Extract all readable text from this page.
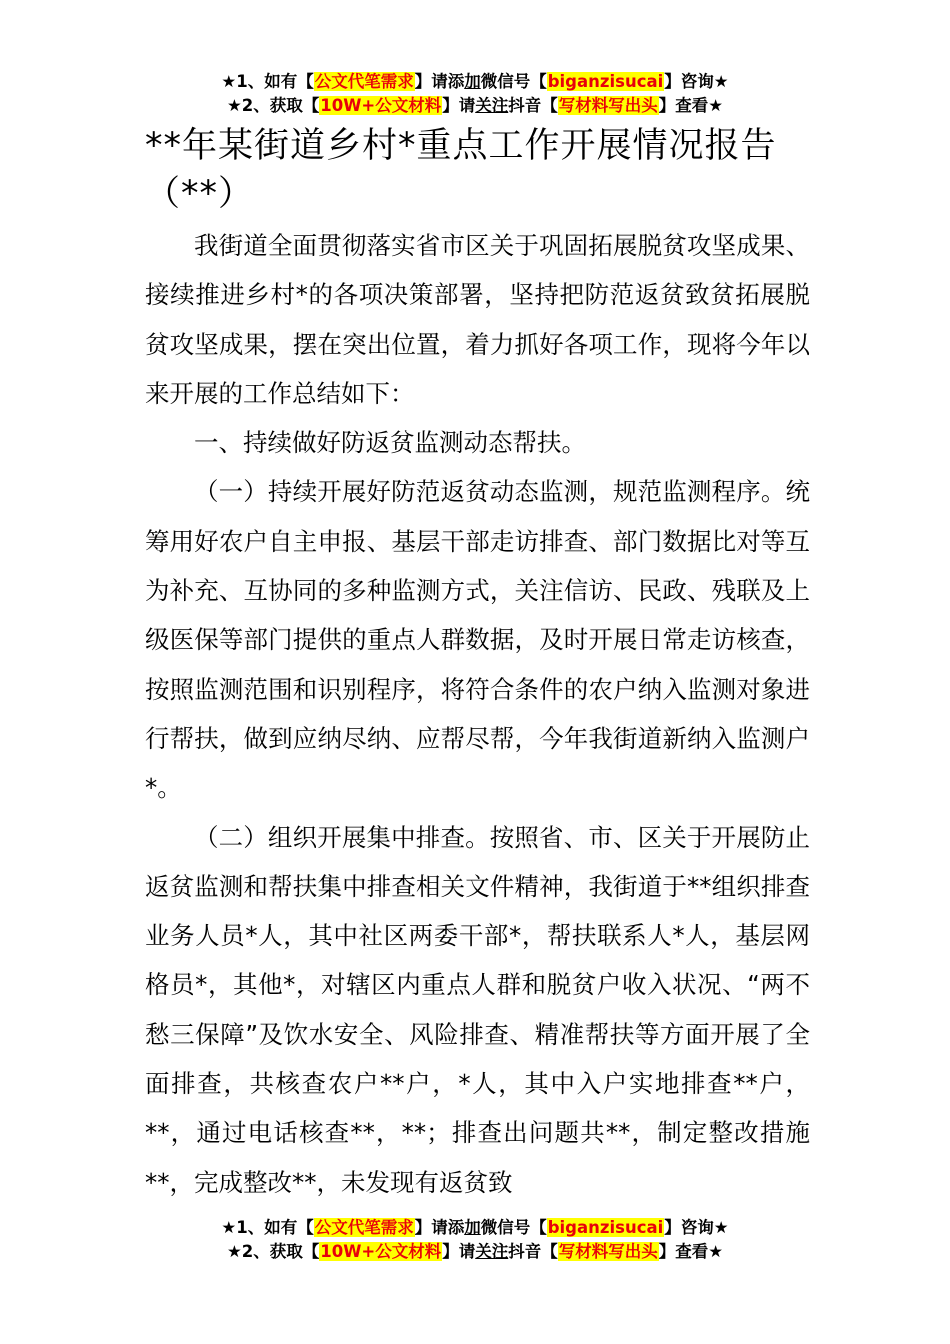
★1、如有【公文代笔需求】请添加微信号【biganzisucai】咨询★
★2、获取【10W+公文材料】请关注抖音【写材料写出头】查看★
**年某街道乡村*重点工作开展情况报告
（**）

我街道全面贯彻落实省市区关于巩固拓展脱贫攻坚成果、接续推进乡村*的各项决策部署，坚持把防范返贫致贫拓展脱贫攻坚成果，摆在突出位置，着力抓好各项工作，现将今年以来开展的工作总结如下：

一、持续做好防返贫监测动态帮扶。

（一）持续开展好防范返贫动态监测，规范监测程序。统筹用好农户自主申报、基层干部走访排查、部门数据比对等互为补充、互协同的多种监测方式，关注信访、民政、残联及上级医保等部门提供的重点人群数据，及时开展日常走访核查，按照监测范围和识别程序，将符合条件的农户纳入监测对象进行帮扶，做到应纳尽纳、应帮尽帮，今年我街道新纳入监测户*。

（二）组织开展集中排查。按照省、市、区关于开展防止返贫监测和帮扶集中排查相关文件精神，我街道于**组织排查业务人员*人，其中社区两委干部*，帮扶联系人*人，基层网格员*，其他*，对辖区内重点人群和脱贫户收入状况、“两不愁三保障”及饮水安全、风险排查、精准帮扶等方面开展了全面排查，共核查农户**户，*人，其中入户实地排查**户，**，通过电话核查**，**；排查出问题共**，制定整改措施**，完成整改**，未发现有返贫致

★1、如有【公文代笔需求】请添加微信号【biganzisucai】咨询★
★2、获取【10W+公文材料】请关注抖音【写材料写出头】查看★
